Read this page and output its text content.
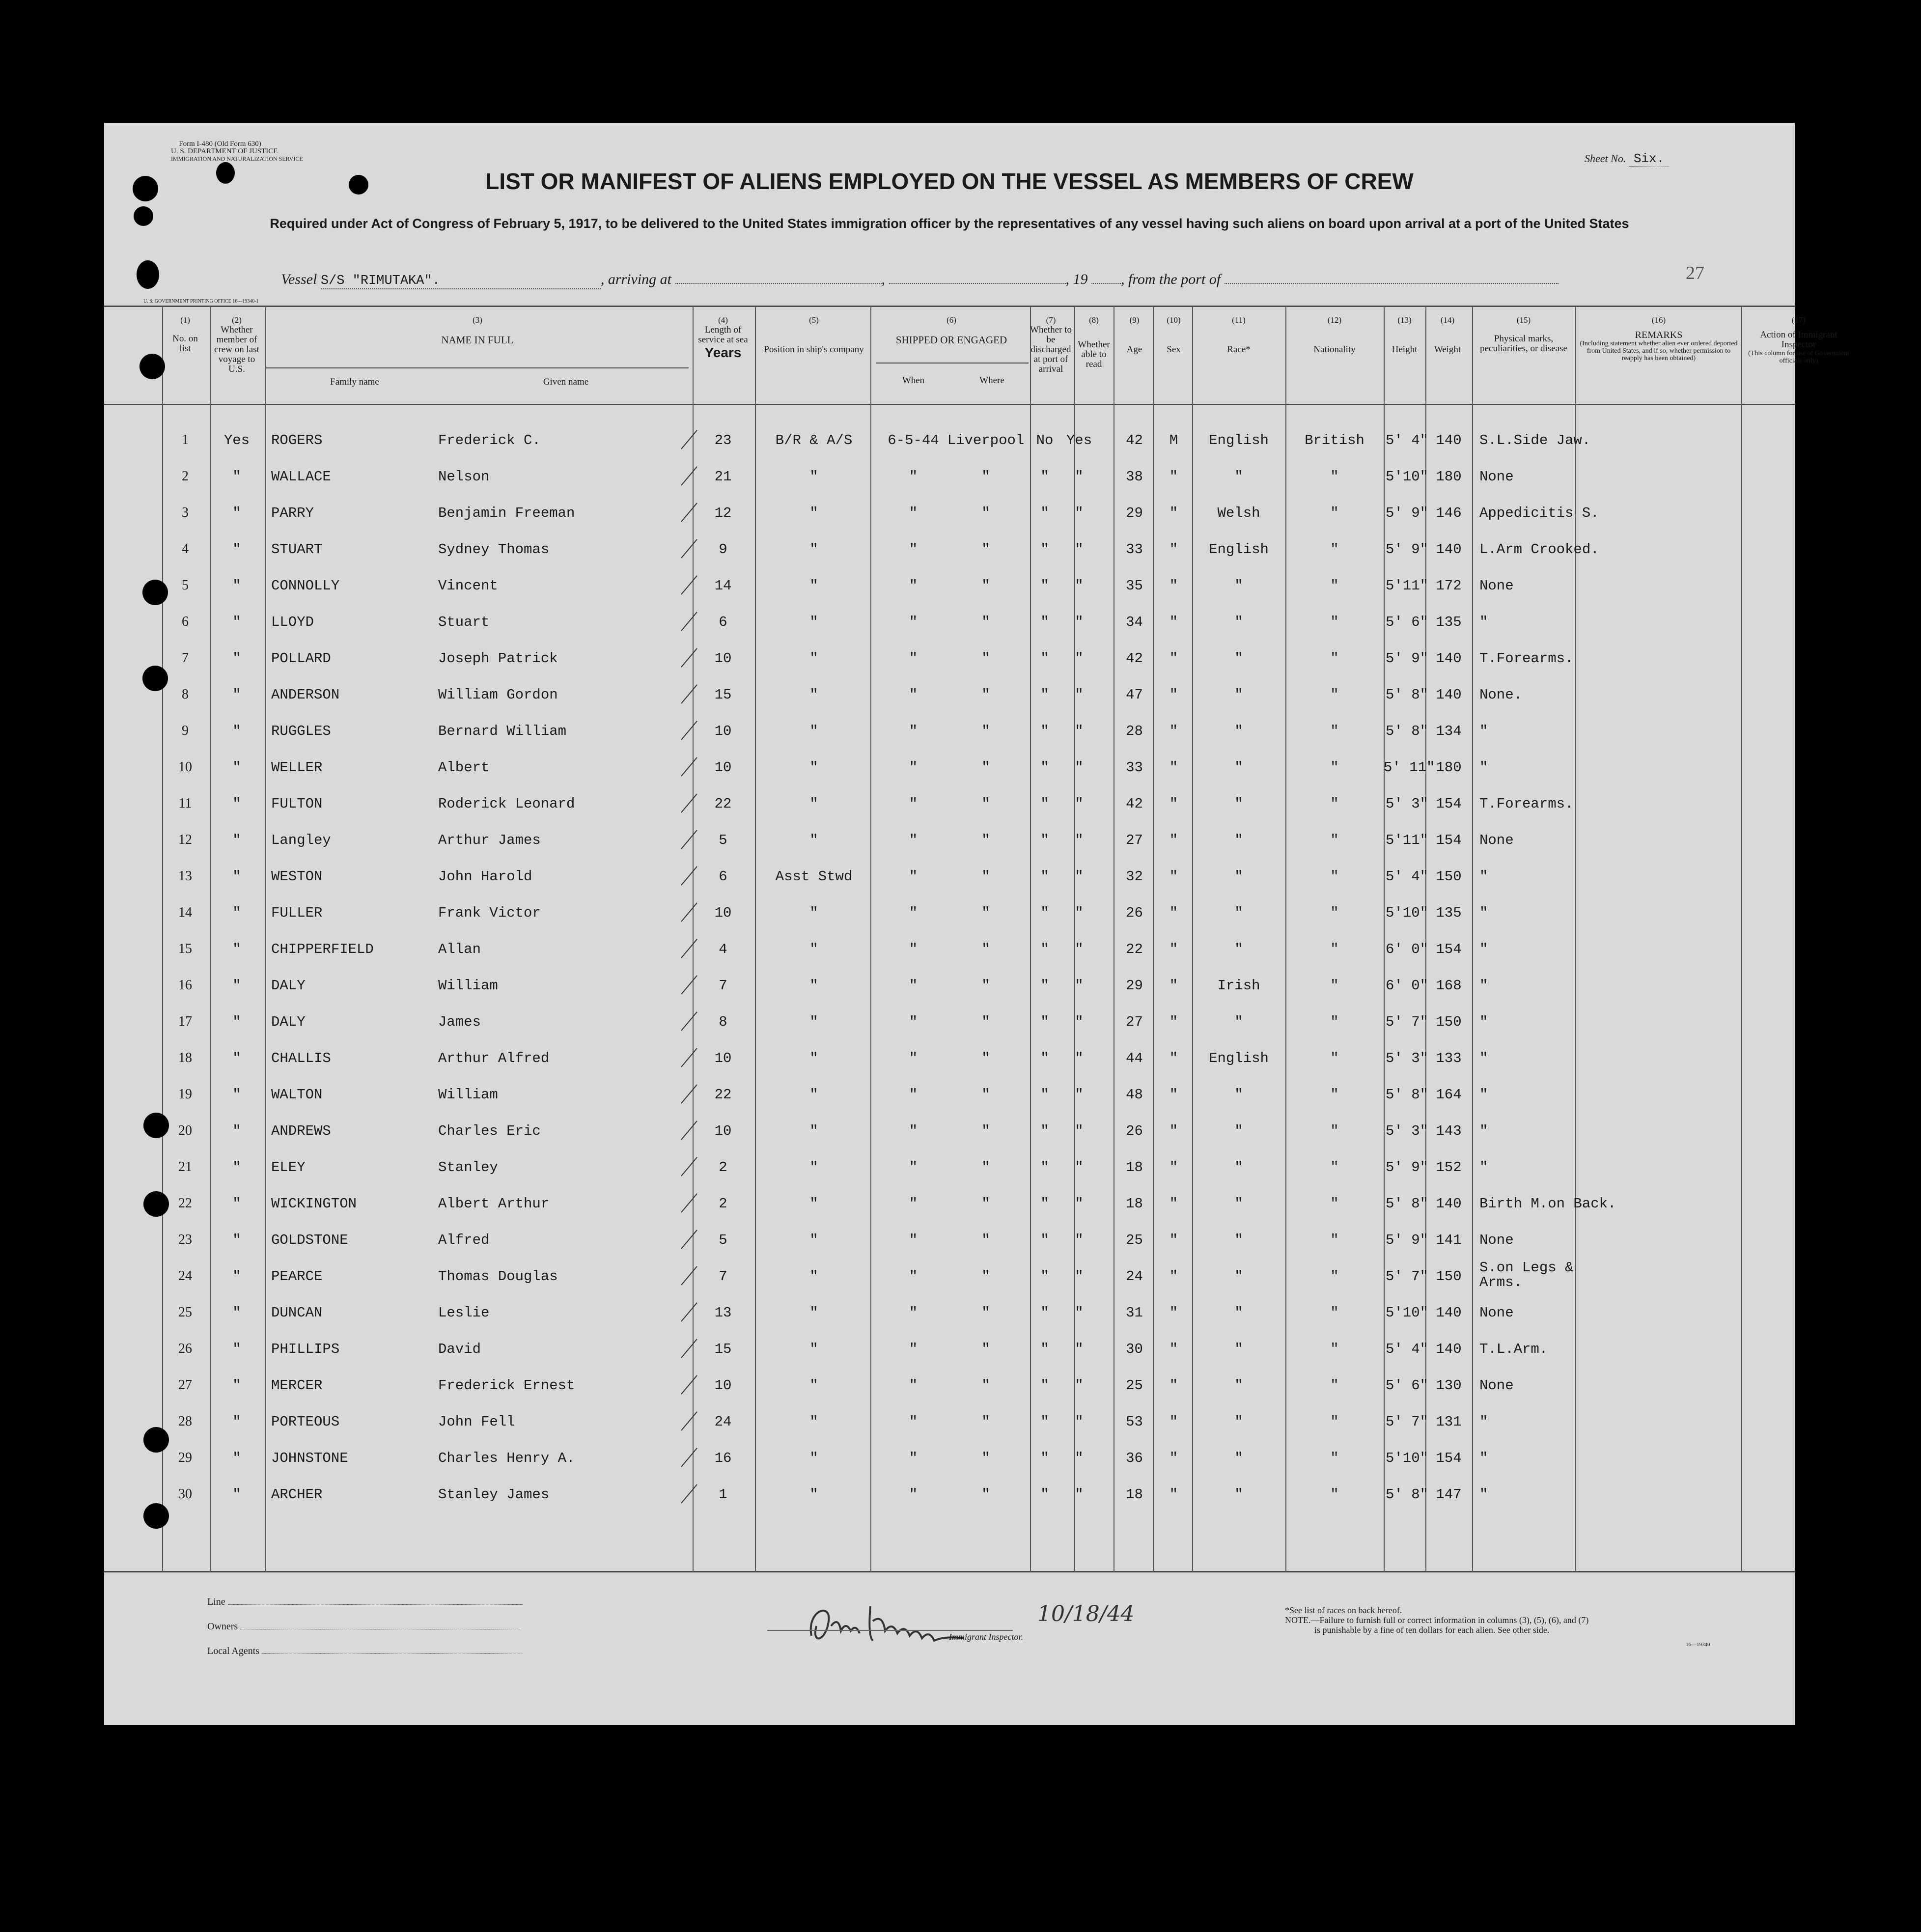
Form I-480 (Old Form 630)
U. S. DEPARTMENT OF JUSTICE
IMMIGRATION AND NATURALIZATION SERVICE	Sheet No. Six.
LIST OR MANIFEST OF ALIENS EMPLOYED ON THE VESSEL AS MEMBERS OF CREW
Required under Act of Congress of February 5, 1917, to be delivered to the United States immigration officer by the representatives of any vessel having such aliens on board upon arrival at a port of the United States
Vessel S/S "RIMUTAKA".	, arriving at	,	, 19 , from the port of	27
U. S. GOVERNMENT PRINTING OFFICE 16—19340-1
(1)
No. on list
(2)
Whether member of crew on last voyage to U.S.
(3)
NAME IN FULL
Family name	Given name
(4)
Length of service at sea
Years
(5)
Position in ship's company
(6)
SHIPPED OR ENGAGED
When	Where
(7)
Whether to be discharged at port of arrival
(8)
Whether able to read
(9)
Age
(10)
Sex
(11)
Race*
(12)
Nationality
(13)
Height
(14)
Weight
(15)
Physical marks, peculiarities, or disease
(16)
REMARKS
(Including statement whether alien ever ordered deported from United States, and if so, whether permission to reapply has been obtained)
(17)
Action of Immigrant Inspector
(This column for use of Government officials only)
1	Yes	ROGERS	Frederick C.	23	B/R & A/S	6-5-44 Liverpool No Yes	42	M	English	British	5' 4" 140	S.L.Side Jaw.
2	"	WALLACE	Nelson	21	"	"	"	"	"	38	"	"	"	5'10" 180	None
3	"	PARRY	Benjamin Freeman	12	"	"	"	"	"	29	"	Welsh	"	5' 9" 146	Appedicitis S.
4	"	STUART	Sydney Thomas	9	"	"	"	"	"	33	"	English	"	5' 9" 140	L.Arm Crooked.
5	"	CONNOLLY	Vincent	14	"	"	"	"	"	35	"	"	"	5'11" 172	None
6	"	LLOYD	Stuart	6	"	"	"	"	"	34	"	"	"	5' 6" 135	"
7	"	POLLARD	Joseph Patrick	10	"	"	"	"	"	42	"	"	"	5' 9" 140	T.Forearms.
8	"	ANDERSON	William Gordon	15	"	"	"	"	"	47	"	"	"	5' 8" 140	None.
9	"	RUGGLES	Bernard William	10	"	"	"	"	"	28	"	"	"	5' 8" 134	"
10	"	WELLER	Albert	10	"	"	"	"	"	33	"	"	"	5' 11" 180	"
11	"	FULTON	Roderick Leonard	22	"	"	"	"	"	42	"	"	"	5' 3" 154	T.Forearms.
12	"	Langley	Arthur James	5	"	"	"	"	"	27	"	"	"	5'11" 154	None
13	"	WESTON	John Harold	6	Asst Stwd	"	"	"	"	32	"	"	"	5' 4" 150	"
14	"	FULLER	Frank Victor	10	"	"	"	"	"	26	"	"	"	5'10" 135	"
15	"	CHIPPERFIELD	Allan	4	"	"	"	"	"	22	"	"	"	6' 0" 154	"
16	"	DALY	William	7	"	"	"	"	"	29	"	Irish	"	6' 0" 168	"
17	"	DALY	James	8	"	"	"	"	"	27	"	"	"	5' 7" 150	"
18	"	CHALLIS	Arthur Alfred	10	"	"	"	"	"	44	"	English	"	5' 3" 133	"
19	"	WALTON	William	22	"	"	"	"	"	48	"	"	"	5' 8" 164	"
20	"	ANDREWS	Charles Eric	10	"	"	"	"	"	26	"	"	"	5' 3" 143	"
21	"	ELEY	Stanley	2	"	"	"	"	"	18	"	"	"	5' 9" 152	"
22	"	WICKINGTON	Albert Arthur	2	"	"	"	"	"	18	"	"	"	5' 8" 140	Birth M.on Back.
23	"	GOLDSTONE	Alfred	5	"	"	"	"	"	25	"	"	"	5' 9" 141	None
24	"	PEARCE	Thomas Douglas	7	"	"	"	"	"	24	"	"	"	5' 7" 150
S.on Legs & Arms.
25	"	DUNCAN	Leslie	13	"	"	"	"	"	31	"	"	"	5'10" 140	None
26	"	PHILLIPS	David	15	"	"	"	"	"	30	"	"	"	5' 4" 140	T.L.Arm.
27	"	MERCER	Frederick Ernest	10	"	"	"	"	"	25	"	"	"	5' 6" 130	None
28	"	PORTEOUS	John Fell	24	"	"	"	"	"	53	"	"	"	5' 7" 131	"
29	"	JOHNSTONE	Charles Henry A.	16	"	"	"	"	"	36	"	"	"	5'10" 154	"
30	"	ARCHER	Stanley James	1	"	"	"	"	"	18	"	"	"	5' 8" 147	"
Line
Owners
Local Agents
10/18/44
Immigrant Inspector.
*See list of races on back hereof.
NOTE.—Failure to furnish full or correct information in columns (3), (5), (6), and (7)
is punishable by a fine of ten dollars for each alien. See other side.
16—19340
